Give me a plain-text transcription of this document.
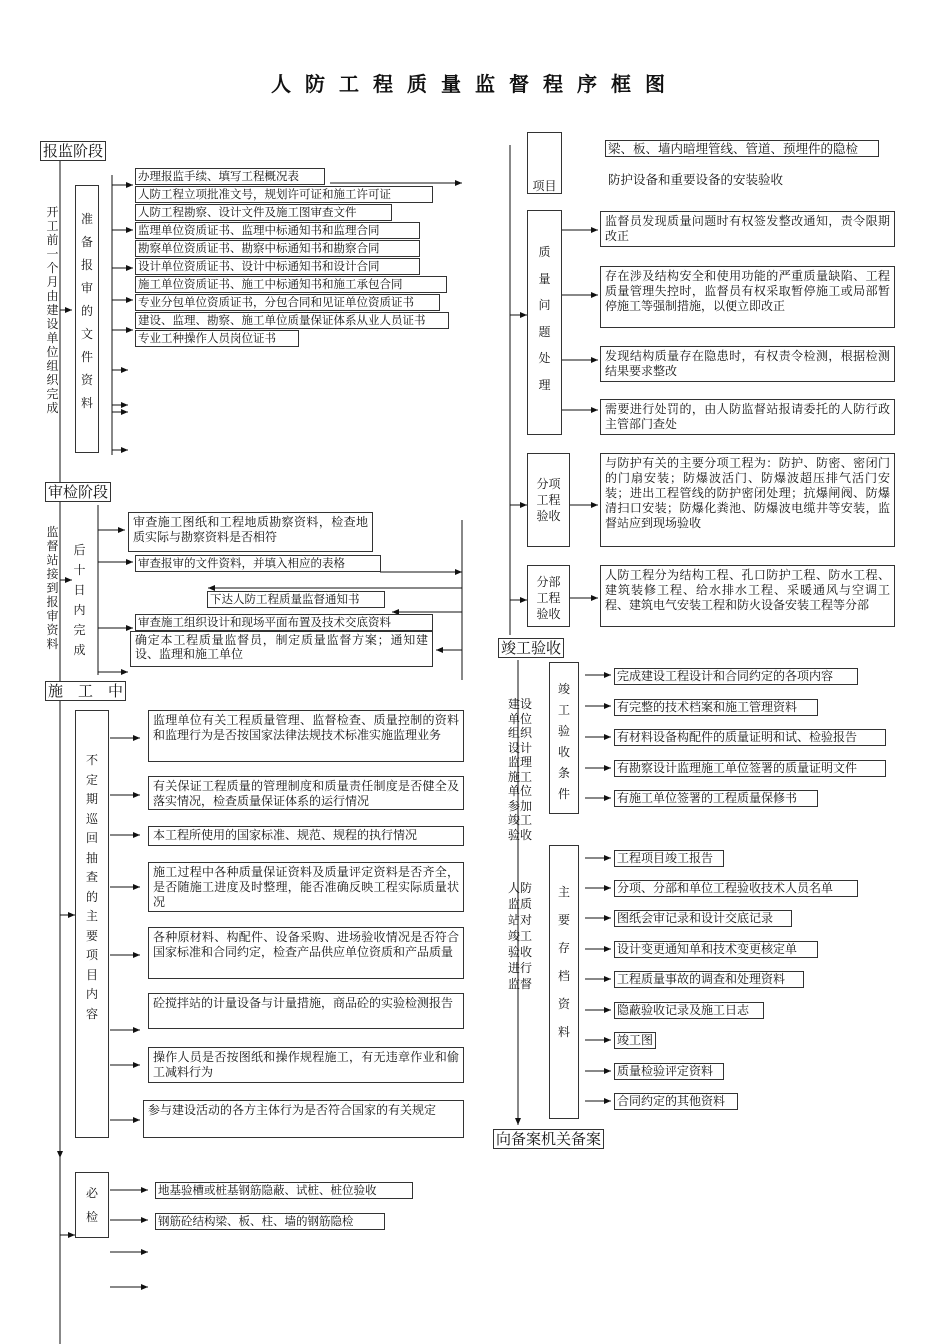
人防工程质量监督程序框图
报监阶段
开工前一个月由建设单位组织完成
准备报审的文件资料
办理报监手续、填写工程概况表
人防工程立项批准文号，规划许可证和施工许可证
人防工程勘察、设计文件及施工图审查文件
监理单位资质证书、监理中标通知书和监理合同
勘察单位资质证书、勘察中标通知书和勘察合同
设计单位资质证书、设计中标通知书和设计合同
施工单位资质证书、施工中标通知书和施工承包合同
专业分包单位资质证书，分包合同和见证单位资质证书
建设、监理、勘察、施工单位质量保证体系从业人员证书
专业工种操作人员岗位证书
审检阶段
监督站接到报审资料
后十日内完成
审查施工图纸和工程地质勘察资料，检查地质实际与勘察资料是否相符
审查报审的文件资料，并填入相应的表格
下达人防工程质量监督通知书
审查施工组织设计和现场平面布置及技术交底资料
确定本工程质量监督员，制定质量监督方案；通知建设、监理和施工单位
施　工　中
不定期巡回抽查的主要项目内容
监理单位有关工程质量管理、监督检查、质量控制的资料和监理行为是否按国家法律法规技术标准实施监理业务
有关保证工程质量的管理制度和质量责任制度是否健全及落实情况，检查质量保证体系的运行情况
本工程所使用的国家标准、规范、规程的执行情况
施工过程中各种质量保证资料及质量评定资料是否齐全，是否随施工进度及时整理，能否准确反映工程实际质量状况
各种原材料、构配件、设备采购、进场验收情况是否符合国家标准和合同约定，检查产品供应单位资质和产品质量
砼搅拌站的计量设备与计量措施，商品砼的实验检测报告
操作人员是否按图纸和操作规程施工，有无违章作业和偷工减料行为
参与建设活动的各方主体行为是否符合国家的有关规定
必检
地基验槽或桩基钢筋隐蔽、试桩、桩位验收
钢筋砼结构梁、板、柱、墙的钢筋隐检
项目
梁、板、墙内暗埋管线、管道、预埋件的隐检
防护设备和重要设备的安装验收
质量问题处理
监督员发现质量问题时有权签发整改通知，责令限期改正
存在涉及结构安全和使用功能的严重质量缺陷、工程质量管理失控时，监督员有权采取暂停施工或局部暂停施工等强制措施，以便立即改正
发现结构质量存在隐患时，有权责令检测，根据检测结果要求整改
需要进行处罚的，由人防监督站报请委托的人防行政主管部门查处
分项工程验收
与防护有关的主要分项工程为：防护、防密、密闭门的门扇安装；防爆波活门、防爆波超压排气活门安装；进出工程管线的防护密闭处理；抗爆闸阀、防爆清扫口安装；防爆化粪池、防爆波电缆井等安装，监督站应到现场验收
分部工程验收
人防工程分为结构工程、孔口防护工程、防水工程、建筑装修工程、给水排水工程、采暖通风与空调工程、建筑电气安装工程和防火设备安装工程等分部
竣工验收
建设单位组织设计监理施工单位参加竣工验收
人防监质站对竣工验收进行监督
竣工验收条件
完成建设工程设计和合同约定的各项内容
有完整的技术档案和施工管理资料
有材料设备构配件的质量证明和试、检验报告
有勘察设计监理施工单位签署的质量证明文件
有施工单位签署的工程质量保修书
主要存档资料
工程项目竣工报告
分项、分部和单位工程验收技术人员名单
图纸会审记录和设计交底记录
设计变更通知单和技术变更核定单
工程质量事故的调查和处理资料
隐蔽验收记录及施工日志
竣工图
质量检验评定资料
合同约定的其他资料
向备案机关备案
